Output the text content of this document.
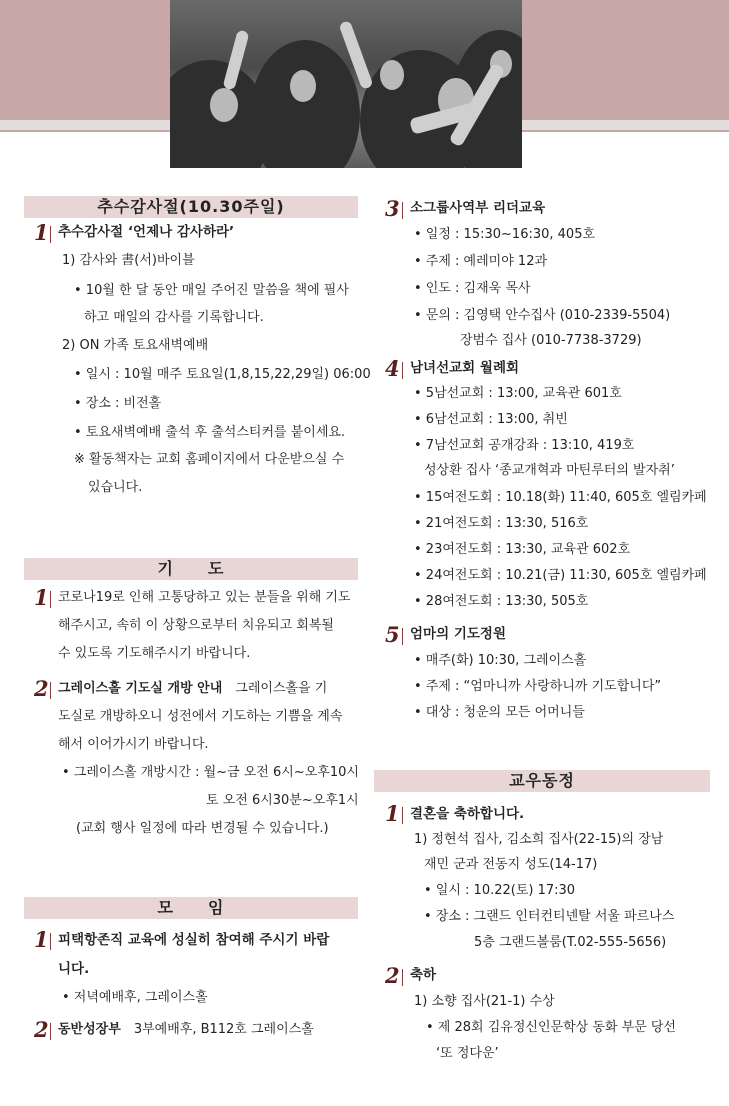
추수감사절(10.30주일)
1 추수감사절 ‘언제나 감사하라’
1) 감사와 書(서)바이블
• 10월 한 달 동안 매일 주어진 말씀을 책에 필사
하고 매일의 감사를 기록합니다.
2) ON 가족 토요새벽예배
• 일시 : 10월 매주 토요일(1,8,15,22,29일) 06:00
• 장소 : 비전홀
• 토요새벽예배 출석 후 출석스티커를 붙이세요.
※ 활동책자는 교회 홈페이지에서 다운받으실 수
있습니다.
기　　도
1 코로나19로 인해 고통당하고 있는 분들을 위해 기도
해주시고, 속히 이 상황으로부터 치유되고 회복될
수 있도록 기도해주시기 바랍니다.
2 그레이스홀 기도실 개방 안내　 그레이스홀을 기
도실로 개방하오니 성전에서 기도하는 기쁨을 계속
해서 이어가시기 바랍니다.
• 그레이스홀 개방시간 : 월~금 오전 6시~오후10시
토 오전 6시30분~오후1시
(교회 행사 일정에 따라 변경될 수 있습니다.)
모　　임
1 피택항존직 교육에 성실히 참여해 주시기 바랍
니다.
• 저녁예배후, 그레이스홀
2 동반성장부　 3부예배후, B112호 그레이스홀
3 소그룹사역부 리더교육
• 일정 : 15:30~16:30, 405호
• 주제 : 예레미야 12과
• 인도 : 김재욱 목사
• 문의 : 김영택 안수집사 (010-2339-5504)
장범수 집사 (010-7738-3729)
4 남녀선교회 월례회
• 5남선교회 : 13:00, 교육관 601호
• 6남선교회 : 13:00, 취빈
• 7남선교회 공개강좌 : 13:10, 419호
성상환 집사 ‘종교개혁과 마틴루터의 발자취’
• 15여전도회 : 10.18(화) 11:40, 605호 엘림카페
• 21여전도회 : 13:30, 516호
• 23여전도회 : 13:30, 교육관 602호
• 24여전도회 : 10.21(금) 11:30, 605호 엘림카페
• 28여전도회 : 13:30, 505호
5 엄마의 기도정원
• 매주(화) 10:30, 그레이스홀
• 주제 : “엄마니까 사랑하니까 기도합니다”
• 대상 : 청운의 모든 어머니들
교우동정
1 결혼을 축하합니다.
1) 정현석 집사, 김소희 집사(22-15)의 장남
재민 군과 전동지 성도(14-17)
• 일시 : 10.22(토) 17:30
• 장소 : 그랜드 인터컨티넨탈 서울 파르나스
5층 그랜드볼룸(T.02-555-5656)
2 축하
1) 소향 집사(21-1) 수상
• 제 28회 김유정신인문학상 동화 부문 당선
‘또 정다운’
